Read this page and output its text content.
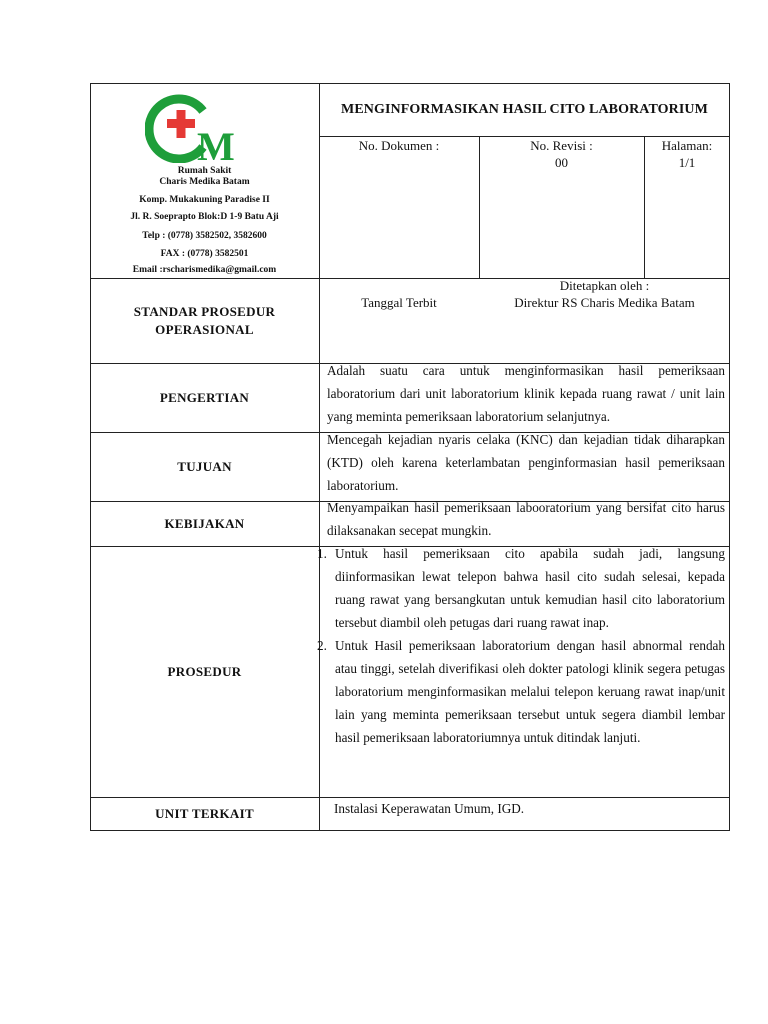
M
Rumah Sakit
Charis Medika Batam
Komp. Mukakuning Paradise II
Jl. R. Soeprapto Blok:D 1-9 Batu Aji
Telp : (0778) 3582502, 3582600
FAX : (0778) 3582501
Email :rscharismedika@gmail.com
MENGINFORMASIKAN HASIL CITO LABORATORIUM
No. Dokumen :	No. Revisi :
00
Halaman:
1/1
STANDAR PROSEDUR
OPERASIONAL
Tanggal Terbit
Ditetapkan oleh :
Direktur RS Charis Medika Batam
PENGERTIAN
Adalah suatu cara untuk menginformasikan hasil pemeriksaan laboratorium dari unit laboratorium klinik kepada ruang rawat / unit lain yang meminta pemeriksaan laboratorium selanjutnya.
TUJUAN
Mencegah kejadian nyaris celaka (KNC) dan kejadian tidak diharapkan (KTD) oleh karena keterlambatan penginformasian hasil pemeriksaan laboratorium.
KEBIJAKAN
Menyampaikan hasil pemeriksaan labooratorium yang bersifat cito harus dilaksanakan secepat mungkin.
PROSEDUR
1. Untuk hasil pemeriksaan cito apabila sudah jadi, langsung diinformasikan lewat telepon bahwa hasil cito sudah selesai, kepada ruang rawat yang bersangkutan untuk kemudian hasil cito laboratorium tersebut diambil oleh petugas dari ruang rawat inap.
2. Untuk Hasil pemeriksaan laboratorium dengan hasil abnormal rendah atau tinggi, setelah diverifikasi oleh dokter patologi klinik segera petugas laboratorium menginformasikan melalui telepon keruang rawat inap/unit lain yang meminta pemeriksaan tersebut untuk segera diambil lembar hasil pemeriksaan laboratoriumnya untuk ditindak lanjuti.
UNIT TERKAIT	Instalasi Keperawatan Umum, IGD.
